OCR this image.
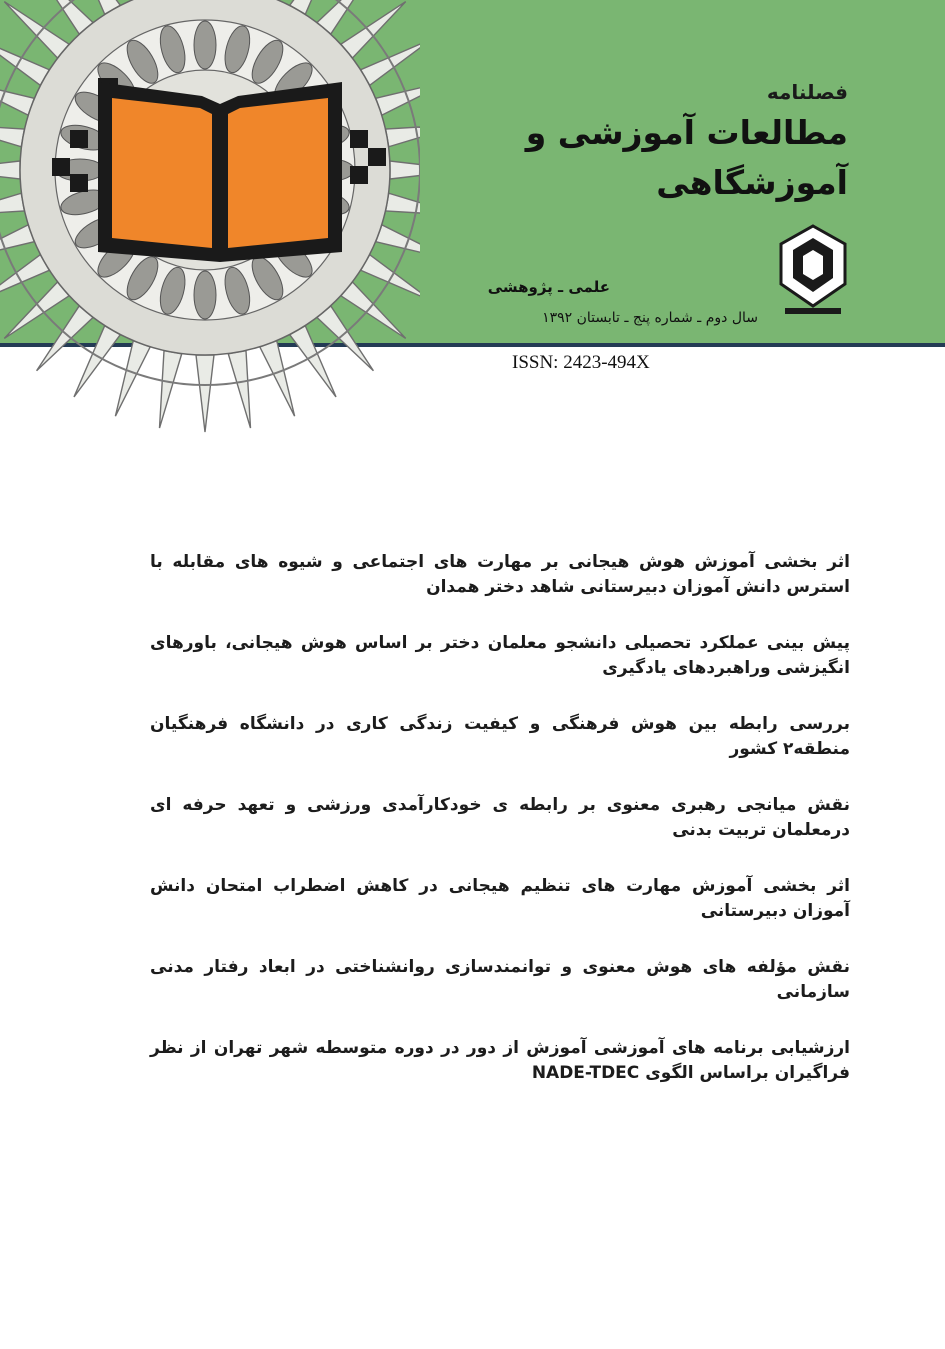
فصلنامه
مطالعات آموزشی و آموزشگاهی
علمی ـ پژوهشی
سال دوم ـ شماره پنج ـ تابستان ۱۳۹۲
ISSN: 2423-494X
اثر بخشی آموزش هوش هیجانی بر مهارت های اجتماعی و شیوه های مقابله با استرس دانش آموزان دبیرستانی شاهد دختر همدان
پیش بینی عملکرد تحصیلی دانشجو معلمان دختر بر اساس هوش هیجانی، باورهای انگیزشی وراهبردهای یادگیری
بررسی رابطه بین هوش فرهنگی و کیفیت زندگی کاری در دانشگاه فرهنگیان منطقه۲ کشور
نقش میانجی رهبری معنوی بر رابطه ی خودکارآمدی ورزشی و تعهد حرفه ای درمعلمان تربیت بدنی
اثر بخشی آموزش مهارت های تنظیم هیجانی در کاهش اضطراب امتحان دانش آموزان دبیرستانی
نقش مؤلفه های هوش معنوی و توانمندسازی روانشناختی در ابعاد رفتار مدنی سازمانی
ارزشیابی برنامه های آموزشی آموزش از دور در دوره متوسطه شهر تهران از نظر فراگیران براساس الگوی NADE-TDEC
